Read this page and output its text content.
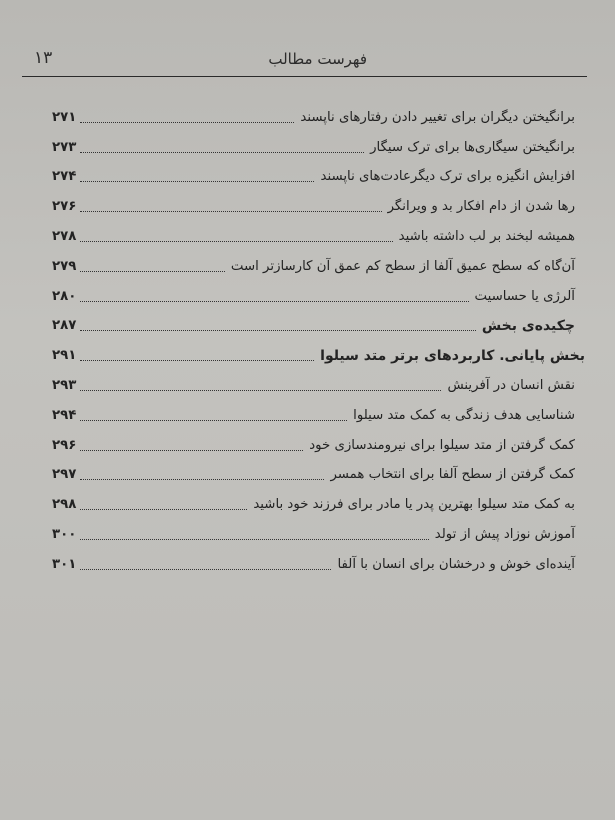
فهرست مطالب
۱۳
برانگیختن دیگران برای تغییر دادن رفتارهای ناپسند
۲۷۱
برانگیختن سیگاری‌ها برای ترک سیگار
۲۷۳
افزایش انگیزه برای ترک دیگرعادت‌های ناپسند
۲۷۴
رها شدن از دام افکار بد و ویرانگر
۲۷۶
همیشه لبخند بر لب داشته باشید
۲۷۸
آن‌گاه که سطح عمیق آلفا از سطح کم عمق آن کارسازتر است
۲۷۹
آلرژی یا حساسیت
۲۸۰
چکیده‌ی بخش
۲۸۷
بخش پایانی. کاربردهای برتر متد سیلوا
۲۹۱
نقش انسان در آفرینش
۲۹۳
شناسایی هدف زندگی به کمک متد سیلوا
۲۹۴
کمک گرفتن از متد سیلوا برای نیرومندسازی خود
۲۹۶
کمک گرفتن از سطح آلفا برای انتخاب همسر
۲۹۷
به کمک متد سیلوا بهترین پدر یا مادر برای فرزند خود باشید
۲۹۸
آموزش نوزاد پیش از تولد
۳۰۰
آینده‌ای خوش و درخشان برای انسان با آلفا
۳۰۱
